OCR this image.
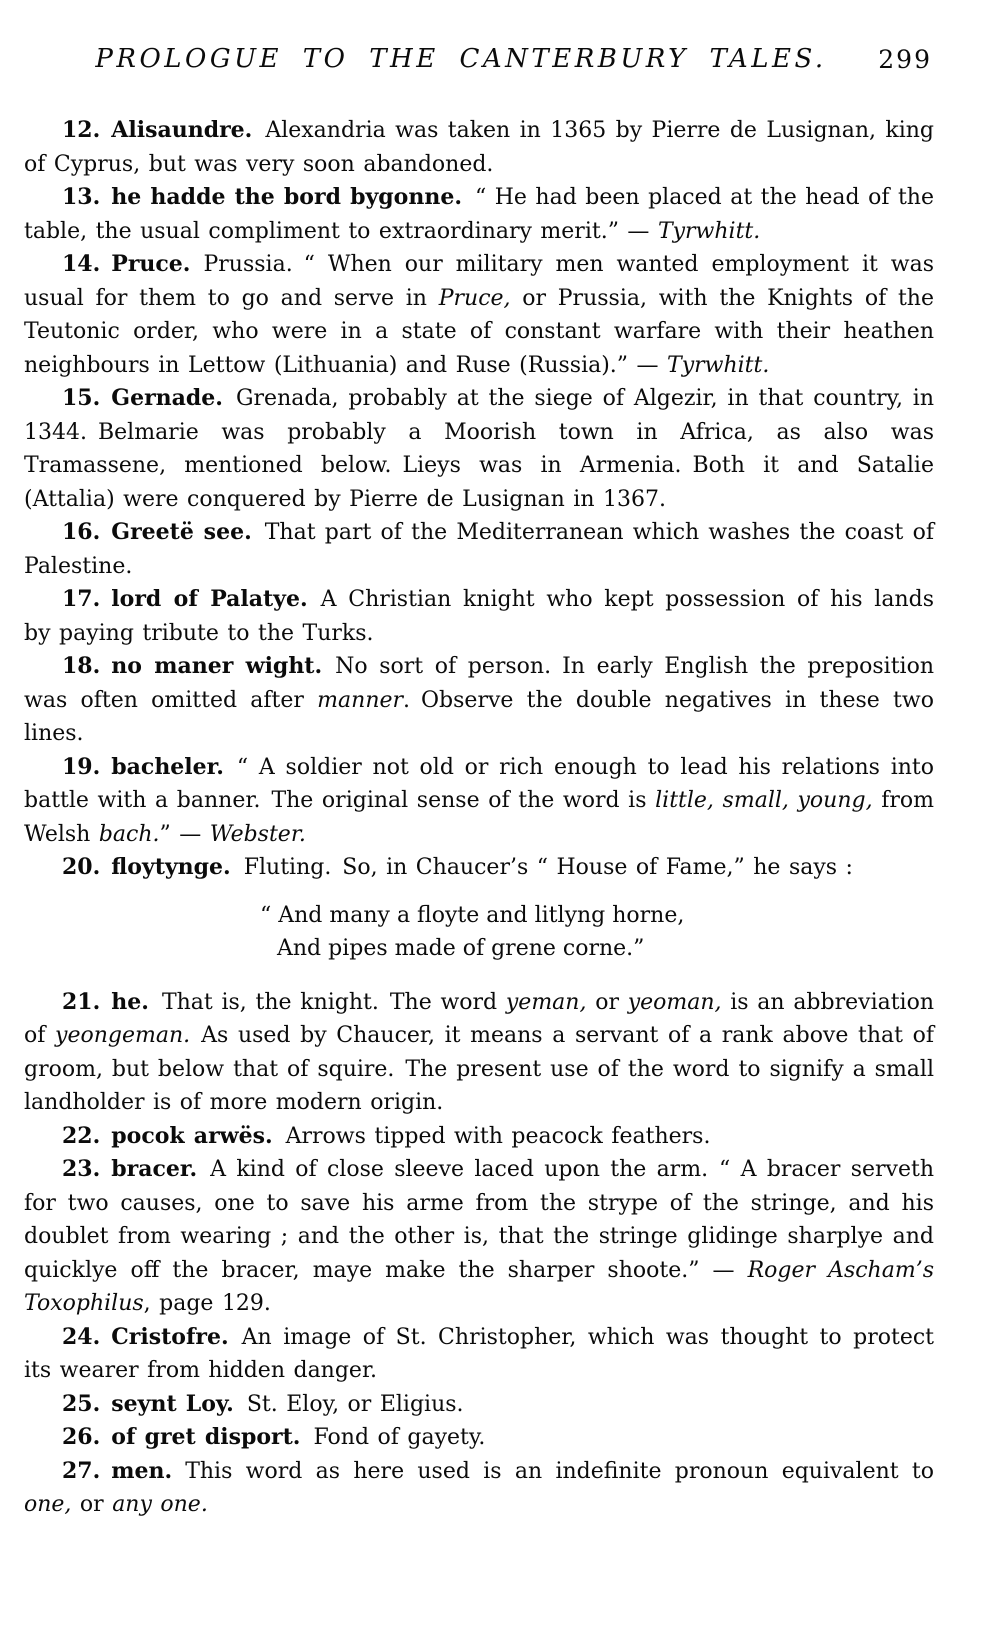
PROLOGUE TO THE CANTERBURY TALES. 299

12. Alisaundre. Alexandria was taken in 1365 by Pierre de Lusignan, king of Cyprus, but was very soon abandoned.

13. he hadde the bord bygonne. “ He had been placed at the head of the table, the usual compliment to extraordinary merit.” — Tyrwhitt.

14. Pruce. Prussia. “ When our military men wanted employment it was usual for them to go and serve in Pruce, or Prussia, with the Knights of the Teutonic order, who were in a state of constant warfare with their heathen neighbours in Lettow (Lithuania) and Ruse (Russia).” — Tyrwhitt.

15. Gernade. Grenada, probably at the siege of Algezir, in that country, in 1344. Belmarie was probably a Moorish town in Africa, as also was Tramassene, mentioned below. Lieys was in Armenia. Both it and Satalie (Attalia) were conquered by Pierre de Lusignan in 1367.

16. Greetë see. That part of the Mediterranean which washes the coast of Palestine.

17. lord of Palatye. A Christian knight who kept possession of his lands by paying tribute to the Turks.

18. no maner wight. No sort of person. In early English the preposition was often omitted after manner. Observe the double negatives in these two lines.

19. bacheler. “ A soldier not old or rich enough to lead his relations into battle with a banner. The original sense of the word is little, small, young, from Welsh bach.” — Webster.

20. floytynge. Fluting. So, in Chaucer’s “ House of Fame,” he says :

“ And many a floyte and litlyng horne,
And pipes made of grene corne.”

21. he. That is, the knight. The word yeman, or yeoman, is an abbreviation of yeongeman. As used by Chaucer, it means a servant of a rank above that of groom, but below that of squire. The present use of the word to signify a small landholder is of more modern origin.

22. pocok arwës. Arrows tipped with peacock feathers.

23. bracer. A kind of close sleeve laced upon the arm. “ A bracer serveth for two causes, one to save his arme from the strype of the stringe, and his doublet from wearing ; and the other is, that the stringe glidinge sharplye and quicklye off the bracer, maye make the sharper shoote.” — Roger Ascham’s Toxophilus, page 129.

24. Cristofre. An image of St. Christopher, which was thought to protect its wearer from hidden danger.

25. seynt Loy. St. Eloy, or Eligius.

26. of gret disport. Fond of gayety.

27. men. This word as here used is an indefinite pronoun equivalent to one, or any one.
